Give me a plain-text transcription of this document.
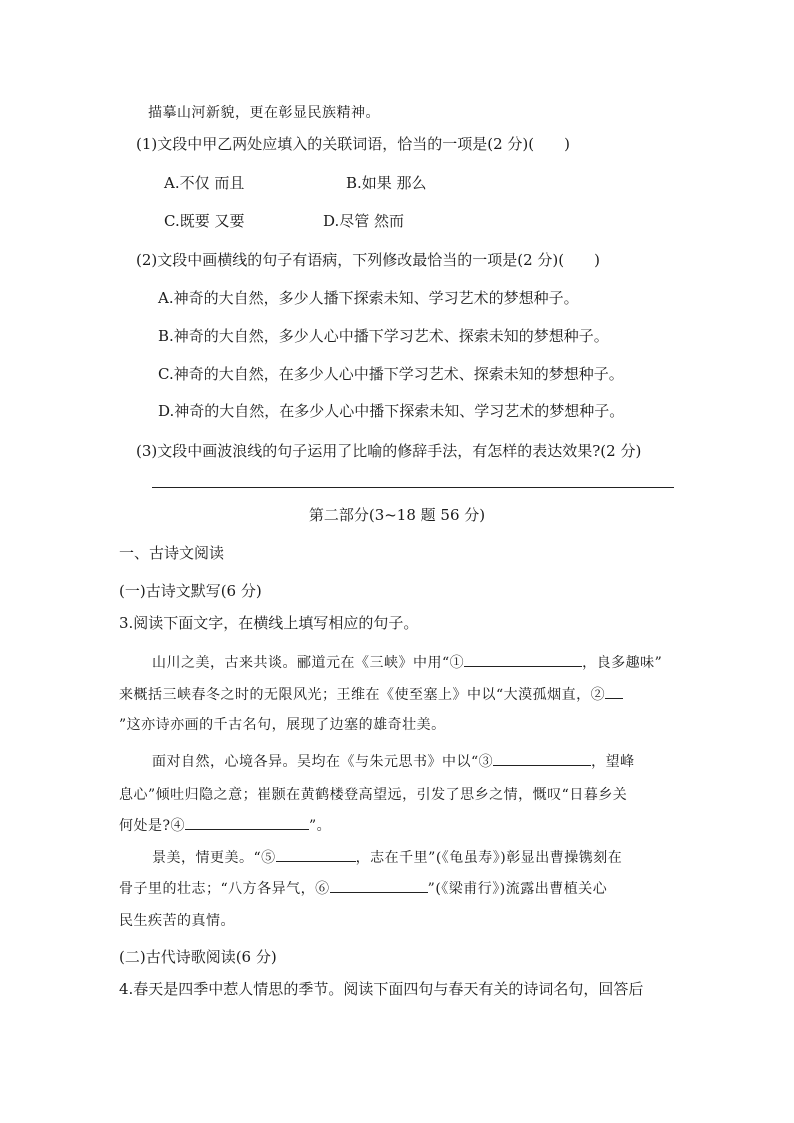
描摹山河新貌，更在彰显民族精神。
(1)文段中甲乙两处应填入的关联词语，恰当的一项是(2 分)(　　)
A.不仅 而且	B.如果 那么
C.既要 又要	D.尽管 然而
(2)文段中画横线的句子有语病，下列修改最恰当的一项是(2 分)(　　)
A.神奇的大自然，多少人播下探索未知、学习艺术的梦想种子。
B.神奇的大自然，多少人心中播下学习艺术、探索未知的梦想种子。
C.神奇的大自然，在多少人心中播下学习艺术、探索未知的梦想种子。
D.神奇的大自然，在多少人心中播下探索未知、学习艺术的梦想种子。
(3)文段中画波浪线的句子运用了比喻的修辞手法，有怎样的表达效果?(2 分)
第二部分(3~18 题 56 分)
一、古诗文阅读
(一)古诗文默写(6 分)
3.阅读下面文字，在横线上填写相应的句子。
山川之美，古来共谈。郦道元在《三峡》中用“①	，良多趣味”
来概括三峡春冬之时的无限风光；王维在《使至塞上》中以“大漠孤烟直，②
”这亦诗亦画的千古名句，展现了边塞的雄奇壮美。
面对自然，心境各异。吴均在《与朱元思书》中以“③	，望峰
息心”倾吐归隐之意；崔颢在黄鹤楼登高望远，引发了思乡之情，慨叹“日暮乡关
何处是?④	”。
景美，情更美。“⑤	，志在千里”(《龟虽寿》)彰显出曹操镌刻在
骨子里的壮志；“八方各异气，⑥	”(《梁甫行》)流露出曹植关心
民生疾苦的真情。
(二)古代诗歌阅读(6 分)
4.春天是四季中惹人情思的季节。阅读下面四句与春天有关的诗词名句，回答后
